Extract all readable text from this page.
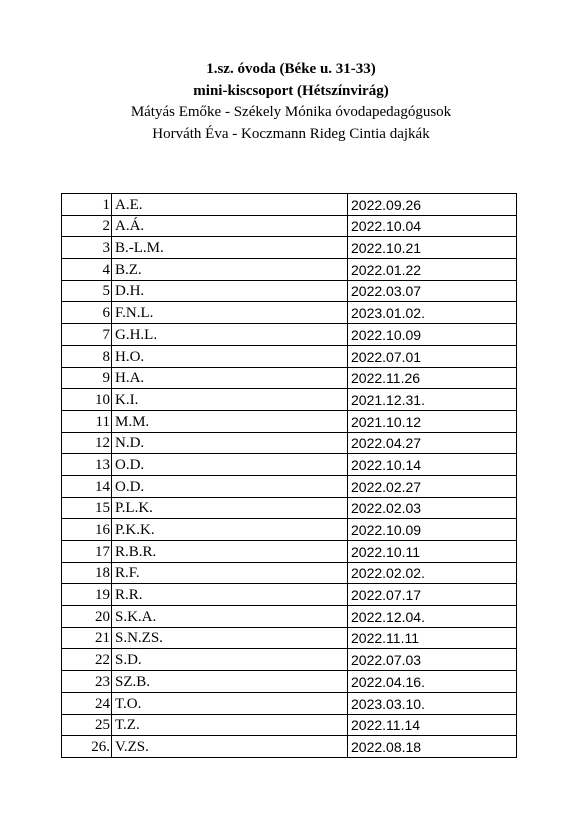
1.sz. óvoda (Béke u. 31-33)
mini-kiscsoport (Hétszínvirág)
Mátyás Emőke - Székely Mónika óvodapedagógusok
Horváth Éva - Koczmann Rideg Cintia dajkák
1	A.E.	2022.09.26
2	A.Á.	2022.10.04
3	B.-L.M.	2022.10.21
4	B.Z.	2022.01.22
5	D.H.	2022.03.07
6	F.N.L.	2023.01.02.
7	G.H.L.	2022.10.09
8	H.O.	2022.07.01
9	H.A.	2022.11.26
10	K.I.	2021.12.31.
11	M.M.	2021.10.12
12	N.D.	2022.04.27
13	O.D.	2022.10.14
14	O.D.	2022.02.27
15	P.L.K.	2022.02.03
16	P.K.K.	2022.10.09
17	R.B.R.	2022.10.11
18	R.F.	2022.02.02.
19	R.R.	2022.07.17
20	S.K.A.	2022.12.04.
21	S.N.ZS.	2022.11.11
22	S.D.	2022.07.03
23	SZ.B.	2022.04.16.
24	T.O.	2023.03.10.
25	T.Z.	2022.11.14
26.	V.ZS.	2022.08.18
